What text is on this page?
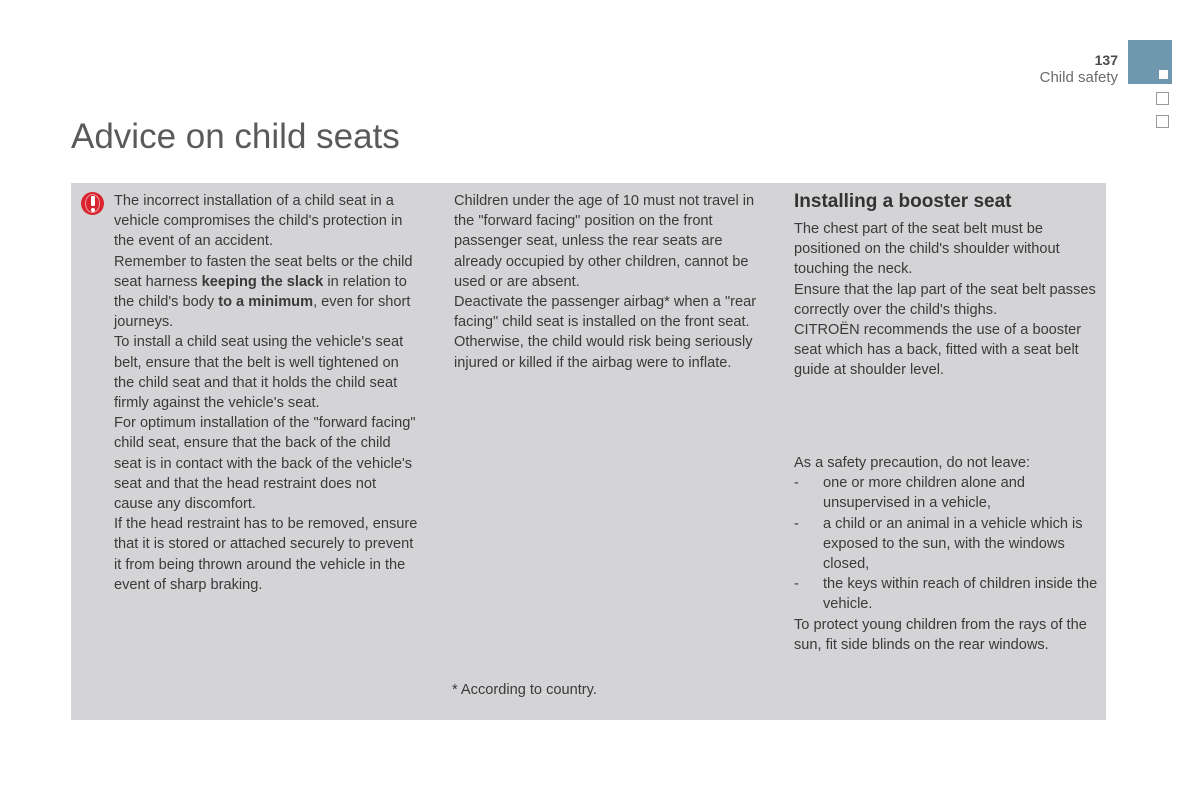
137
Child safety
Advice on child seats

The incorrect installation of a child seat in a vehicle compromises the child's protection in the event of an accident.

Remember to fasten the seat belts or the child seat harness keeping the slack in relation to the child's body to a minimum, even for short journeys.

To install a child seat using the vehicle's seat belt, ensure that the belt is well tightened on the child seat and that it holds the child seat firmly against the vehicle's seat.

For optimum installation of the "forward facing" child seat, ensure that the back of the child seat is in contact with the back of the vehicle's seat and that the head restraint does not cause any discomfort.

If the head restraint has to be removed, ensure that it is stored or attached securely to prevent it from being thrown around the vehicle in the event of sharp braking.

Children under the age of 10 must not travel in the "forward facing" position on the front passenger seat, unless the rear seats are already occupied by other children, cannot be used or are absent.

Deactivate the passenger airbag* when a "rear facing" child seat is installed on the front seat.

Otherwise, the child would risk being seriously injured or killed if the airbag were to inflate.

Installing a booster seat

The chest part of the seat belt must be positioned on the child's shoulder without touching the neck.

Ensure that the lap part of the seat belt passes correctly over the child's thighs.

CITROËN recommends the use of a booster seat which has a back, fitted with a seat belt guide at shoulder level.

As a safety precaution, do not leave:

- one or more children alone and unsupervised in a vehicle,
- a child or an animal in a vehicle which is exposed to the sun, with the windows closed,
- the keys within reach of children inside the vehicle.

To protect young children from the rays of the sun, fit side blinds on the rear windows.

* According to country.
